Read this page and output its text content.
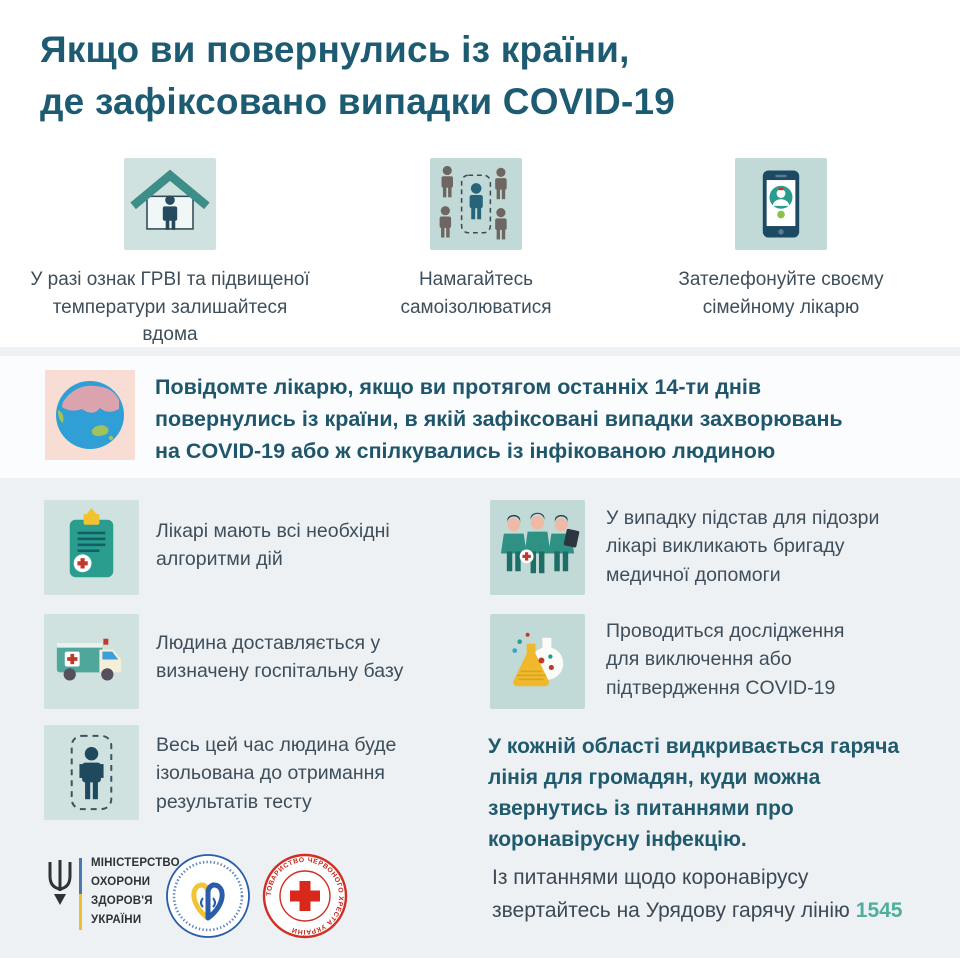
Якщо ви повернулись із країни,
де зафіксовано випадки COVID-19
У разі ознак ГРВІ та підвищеної температури залишайтеся вдома
Намагайтесь самоізолюватися
Зателефонуйте своєму сімейному лікарю
Повідомте лікарю, якщо ви протягом останніх 14-ти днів повернулись із країни, в якій зафіксовані випадки захворювань на COVID-19 або ж спілкувались із інфікованою людиною
Лікарі мають всі необхідні алгоритми дій
У випадку підстав для підозри лікарі викликають бригаду медичної допомоги
Людина доставляється у визначену госпітальну базу
Проводиться дослідження для виключення або підтвердження COVID-19
Весь цей час людина буде ізольована до отримання результатів тесту
У кожній області видкривається гаряча лінія для громадян, куди можна звернутись із питаннями про коронавірусну інфекцію.
МІНІСТЕРСТВО
ОХОРОНИ
ЗДОРОВ'Я
УКРАЇНИ
ТОВАРИСТВО ЧЕРВОНОГО ХРЕСТА УКРАЇНИ
Із питаннями щодо коронавірусу
звертайтесь на Урядову гарячу лінію 1545
